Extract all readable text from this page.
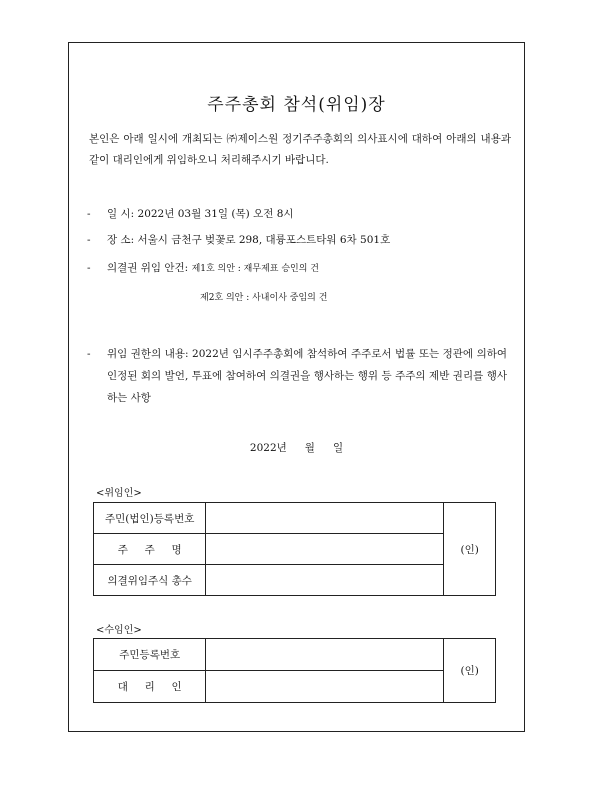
주주총회 참석(위임)장
본인은 아래 일시에 개최되는 ㈜제이스원 정기주주총회의 의사표시에 대하여 아래의 내용과 같이 대리인에게 위임하오니 처리해주시기 바랍니다.
- 일 시: 2022년 03월 31일 (목) 오전 8시
- 장 소: 서울시 금천구 벚꽃로 298, 대륭포스트타워 6차 501호
- 의결권 위임 안건: 제1호 의안 : 재무제표 승인의 건
제2호 의안 : 사내이사 중임의 건
- 위임 권한의 내용: 2022년 임시주주총회에 참석하여 주주로서 법률 또는 정관에 의하여 인정된 회의 발언, 투표에 참여하여 의결권을 행사하는 행위 등 주주의 제반 권리를 행사하는 사항
2022년 월 일
<위임인>
주민(법인)등록번호		(인)
주     주     명		
의결위임주식 총수		
<수임인>
주민등록번호		(인)
대     리     인		
